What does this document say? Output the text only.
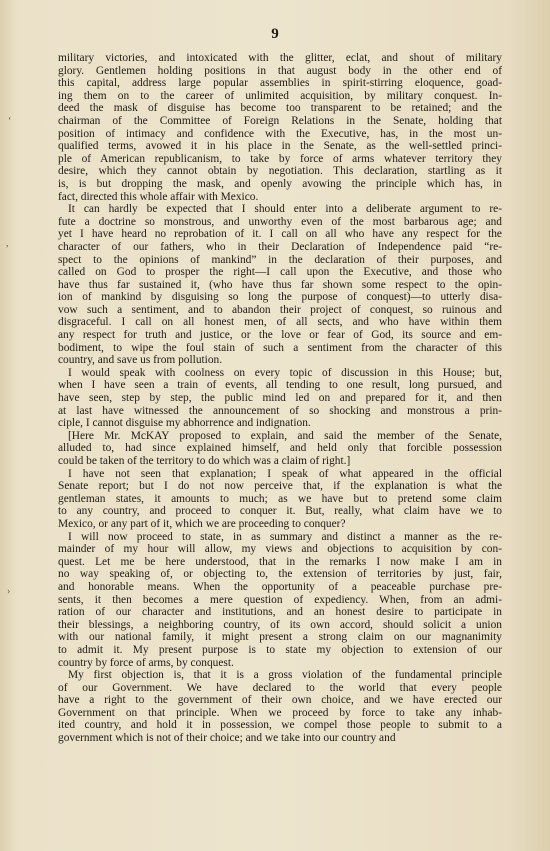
9
military victories, and intoxicated with the glitter, eclat, and shout of military
glory. Gentlemen holding positions in that august body in the other end of
this capital, address large popular assemblies in spirit-stirring eloquence, goad-
ing them on to the career of unlimited acquisition, by military conquest. In-
deed the mask of disguise has become too transparent to be retained; and the
chairman of the Committee of Foreign Relations in the Senate, holding that
position of intimacy and confidence with the Executive, has, in the most un-
qualified terms, avowed it in his place in the Senate, as the well-settled princi-
ple of American republicanism, to take by force of arms whatever territory they
desire, which they cannot obtain by negotiation. This declaration, startling as it
is, is but dropping the mask, and openly avowing the principle which has, in
fact, directed this whole affair with Mexico.
It can hardly be expected that I should enter into a deliberate argument to re-
fute a doctrine so monstrous, and unworthy even of the most barbarous age; and
yet I have heard no reprobation of it. I call on all who have any respect for the
character of our fathers, who in their Declaration of Independence paid “re-
spect to the opinions of mankind” in the declaration of their purposes, and
called on God to prosper the right—I call upon the Executive, and those who
have thus far sustained it, (who have thus far shown some respect to the opin-
ion of mankind by disguising so long the purpose of conquest)—to utterly disa-
vow such a sentiment, and to abandon their project of conquest, so ruinous and
disgraceful. I call on all honest men, of all sects, and who have within them
any respect for truth and justice, or the love or fear of God, its source and em-
bodiment, to wipe the foul stain of such a sentiment from the character of this
country, and save us from pollution.
I would speak with coolness on every topic of discussion in this House; but,
when I have seen a train of events, all tending to one result, long pursued, and
have seen, step by step, the public mind led on and prepared for it, and then
at last have witnessed the announcement of so shocking and monstrous a prin-
ciple, I cannot disguise my abhorrence and indignation.
[Here Mr. McKAY proposed to explain, and said the member of the Senate,
alluded to, had since explained himself, and held only that forcible possession
could be taken of the territory to do which was a claim of right.]
I have not seen that explanation; I speak of what appeared in the official
Senate report; but I do not now perceive that, if the explanation is what the
gentleman states, it amounts to much; as we have but to pretend some claim
to any country, and proceed to conquer it. But, really, what claim have we to
Mexico, or any part of it, which we are proceeding to conquer?
I will now proceed to state, in as summary and distinct a manner as the re-
mainder of my hour will allow, my views and objections to acquisition by con-
quest. Let me be here understood, that in the remarks I now make I am in
no way speaking of, or objecting to, the extension of territories by just, fair,
and honorable means. When the opportunity of a peaceable purchase pre-
sents, it then becomes a mere question of expediency. When, from an admi-
ration of our character and institutions, and an honest desire to participate in
their blessings, a neighboring country, of its own accord, should solicit a union
with our national family, it might present a strong claim on our magnanimity
to admit it. My present purpose is to state my objection to extension of our
country by force of arms, by conquest.
My first objection is, that it is a gross violation of the fundamental principle
of our Government. We have declared to the world that every people
have a right to the government of their own choice, and we have erected our
Government on that principle. When we proceed by force to take any inhab-
ited country, and hold it in possession, we compel those people to submit to a
government which is not of their choice; and we take into our country and
‘
,
›
